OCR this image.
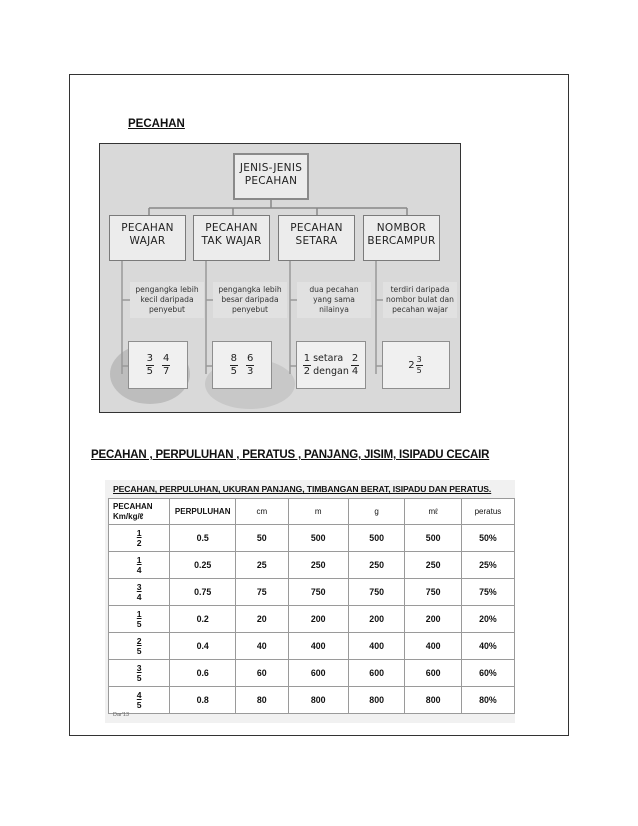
PECAHAN
JENIS-JENIS
PECAHAN
PECAHAN
WAJAR
PECAHAN
TAK WAJAR
PECAHAN
SETARA
NOMBOR
BERCAMPUR
pengangka lebih
kecil daripada
penyebut
pengangka lebih
besar daripada
penyebut
dua pecahan
yang sama
nilainya
terdiri daripada
nombor bulat dan
pecahan wajar
$\frac{3}{5} \frac{4}{7}$	$\frac{8}{5} \frac{6}{3}$	$\frac{1}{2}$ setara
dengan $\frac{2}{4}$	$2 \frac{3}{5}$
PECAHAN , PERPULUHAN , PERATUS , PANJANG, JISIM, ISIPADU CECAIR
PECAHAN, PERPULUHAN, UKURAN PANJANG, TIMBANGAN BERAT, ISIPADU DAN PERATUS.
PECAHAN Km/kg/ℓ	PERPULUHAN	cm	m	g	mℓ	peratus

1
2	0.5	50	500	500	500	50%

1
4	0.25	25	250	250	250	25%

3
4	0.75	75	750	750	750	75%

1
5	0.2	20	200	200	200	20%

2
5	0.4	40	400	400	400	40%

3
5	0.6	60	600	600	600	60%

4
5	0.8	80	800	800	800	80%
Dar'13
